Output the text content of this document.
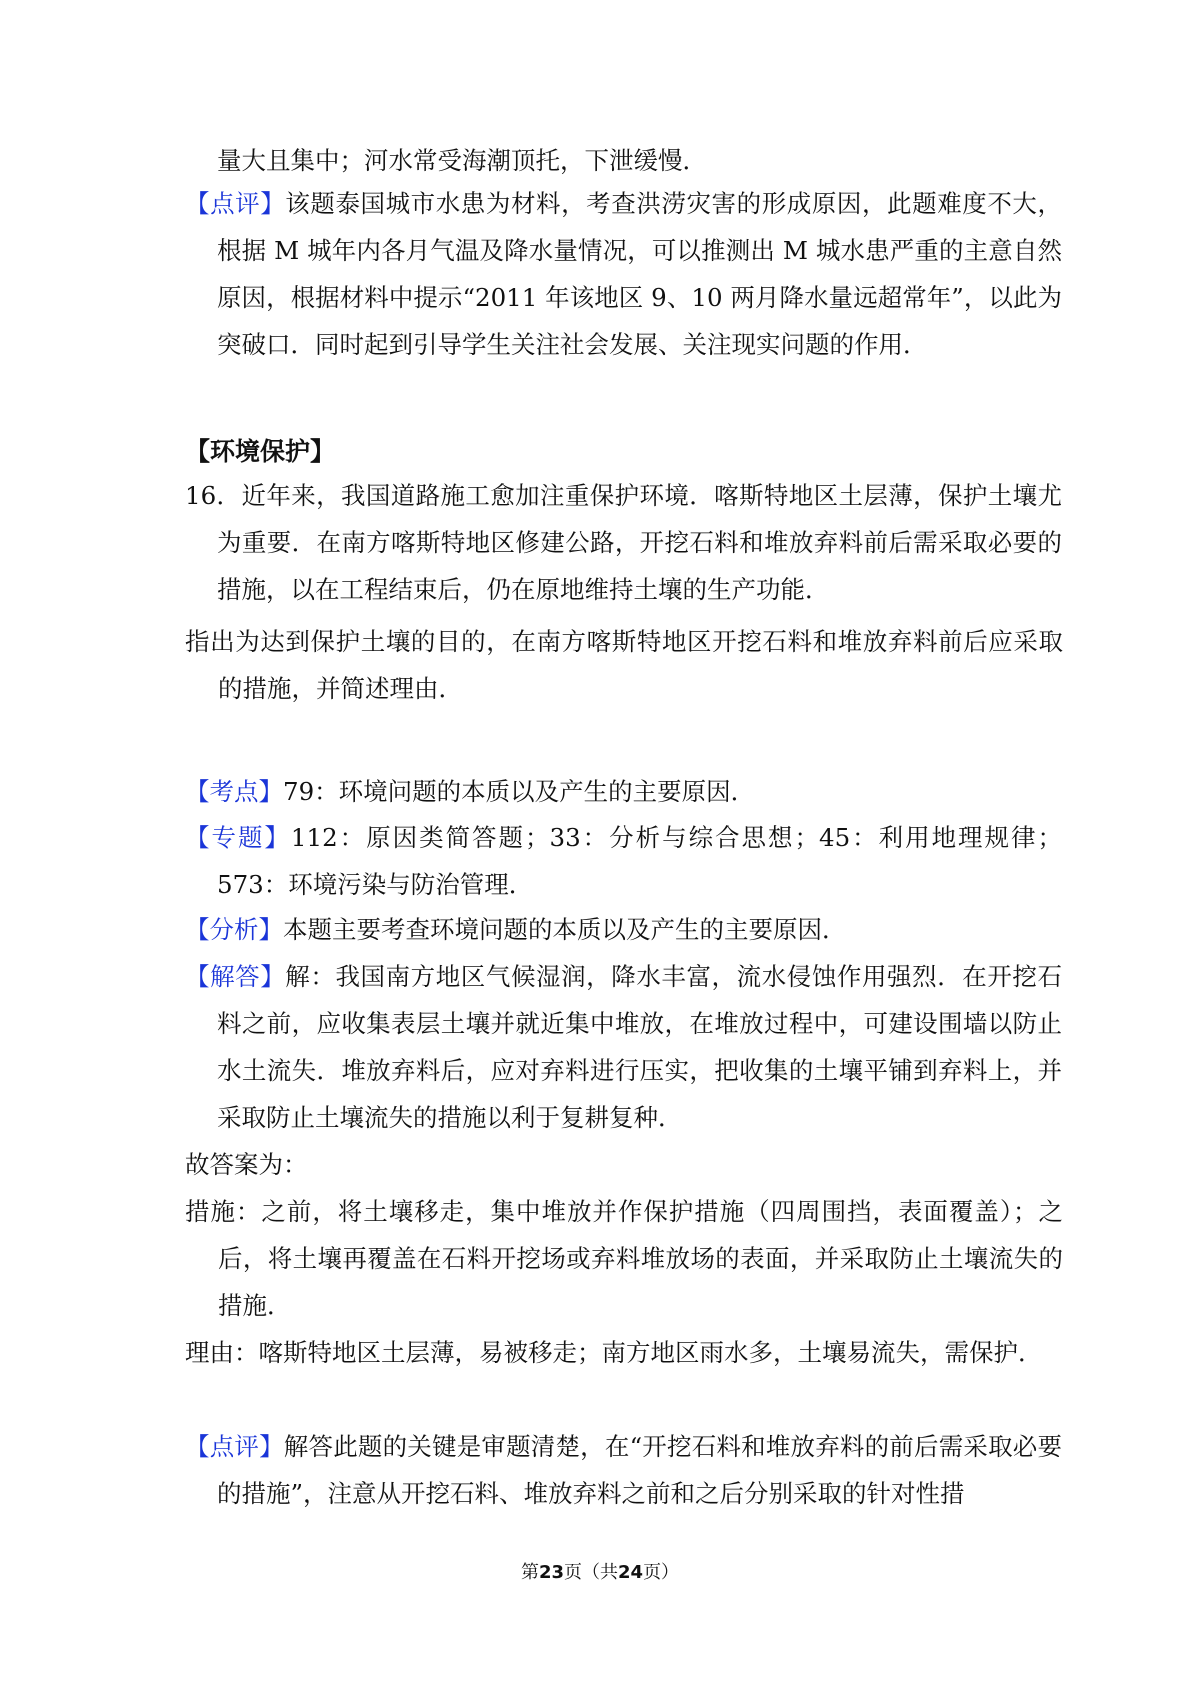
量大且集中；河水常受海潮顶托，下泄缓慢．

【点评】该题泰国城市水患为材料，考查洪涝灾害的形成原因，此题难度不大，根据 M 城年内各月气温及降水量情况，可以推测出 M 城水患严重的主意自然原因，根据材料中提示“2011 年该地区 9、10 两月降水量远超常年”，以此为突破口．同时起到引导学生关注社会发展、关注现实问题的作用．

【环境保护】

16．近年来，我国道路施工愈加注重保护环境．喀斯特地区土层薄，保护土壤尤为重要．在南方喀斯特地区修建公路，开挖石料和堆放弃料前后需采取必要的措施，以在工程结束后，仍在原地维持土壤的生产功能．

指出为达到保护土壤的目的，在南方喀斯特地区开挖石料和堆放弃料前后应采取的措施，并简述理由．

【考点】79：环境问题的本质以及产生的主要原因．

【专题】112：原因类简答题；33：分析与综合思想；45：利用地理规律；573：环境污染与防治管理．

【分析】本题主要考查环境问题的本质以及产生的主要原因．

【解答】解：我国南方地区气候湿润，降水丰富，流水侵蚀作用强烈．在开挖石料之前，应收集表层土壤并就近集中堆放，在堆放过程中，可建设围墙以防止水土流失．堆放弃料后，应对弃料进行压实，把收集的土壤平铺到弃料上，并采取防止土壤流失的措施以利于复耕复种．

故答案为：

措施：之前，将土壤移走，集中堆放并作保护措施（四周围挡，表面覆盖）；之后，将土壤再覆盖在石料开挖场或弃料堆放场的表面，并采取防止土壤流失的措施．

理由：喀斯特地区土层薄，易被移走；南方地区雨水多，土壤易流失，需保护．

【点评】解答此题的关键是审题清楚，在“开挖石料和堆放弃料的前后需采取必要的措施”，注意从开挖石料、堆放弃料之前和之后分别采取的针对性措

第23页（共24页）
